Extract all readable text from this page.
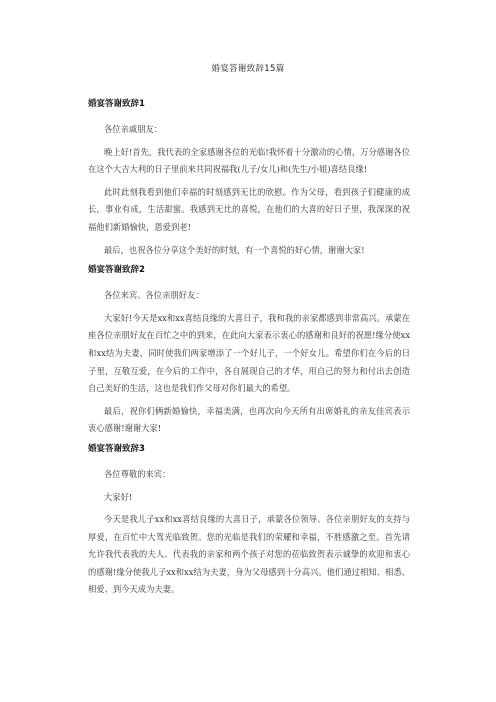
婚宴答谢致辞15篇
婚宴答谢致辞1

各位亲戚朋友：

晚上好!首先，我代表的全家感谢各位的光临!我怀着十分激动的心情，万分感谢各位在这个大吉大利的日子里前来共同祝福我(儿子/女儿)和(先生/小姐)喜结良缘!

此时此刻我看到他们幸福的时刻感到无比的欣慰。作为父母，看到孩子们健康的成长，事业有成，生活甜蜜。我感到无比的喜悦，在他们的大喜的好日子里，我深深的祝福他们新婚愉快，恩爱到老!

最后，也祝各位分享这个美好的时刻，有一个喜悦的好心情，谢谢大家!

婚宴答谢致辞2

各位来宾、各位亲朋好友：

大家好!今天是xx和xx喜结良缘的大喜日子，我和我的亲家都感到非常高兴。承蒙在座各位亲朋好友在百忙之中的到来，在此向大家表示衷心的感谢和良好的祝愿!缘分使xx和xx结为夫妻，同时使我们两家增添了一个好儿子，一个好女儿。希望你们在今后的日子里，互敬互爱，在今后的工作中，各自展现自己的才华，用自己的努力和付出去创造自己美好的生活，这也是我们作父母对你们最大的希望。

最后，祝你们俩新婚愉快，幸福美满，也再次向今天所有出席婚礼的亲友佳宾表示衷心感谢!谢谢大家!

婚宴答谢致辞3

各位尊敬的来宾：

大家好!

今天是我儿子xx和xx喜结良缘的大喜日子，承蒙各位领导、各位亲朋好友的支持与厚爱，在百忙中大驾光临致贺。您的光临是我们的荣耀和幸福，不胜感激之至。首先请允许我代表我的夫人、代表我的亲家和两个孩子对您的莅临致贺表示诚挚的欢迎和衷心的感谢!缘分使我儿子xx和xx结为夫妻，身为父母感到十分高兴。他们通过相知、相悉、相爱、到今天成为夫妻。
